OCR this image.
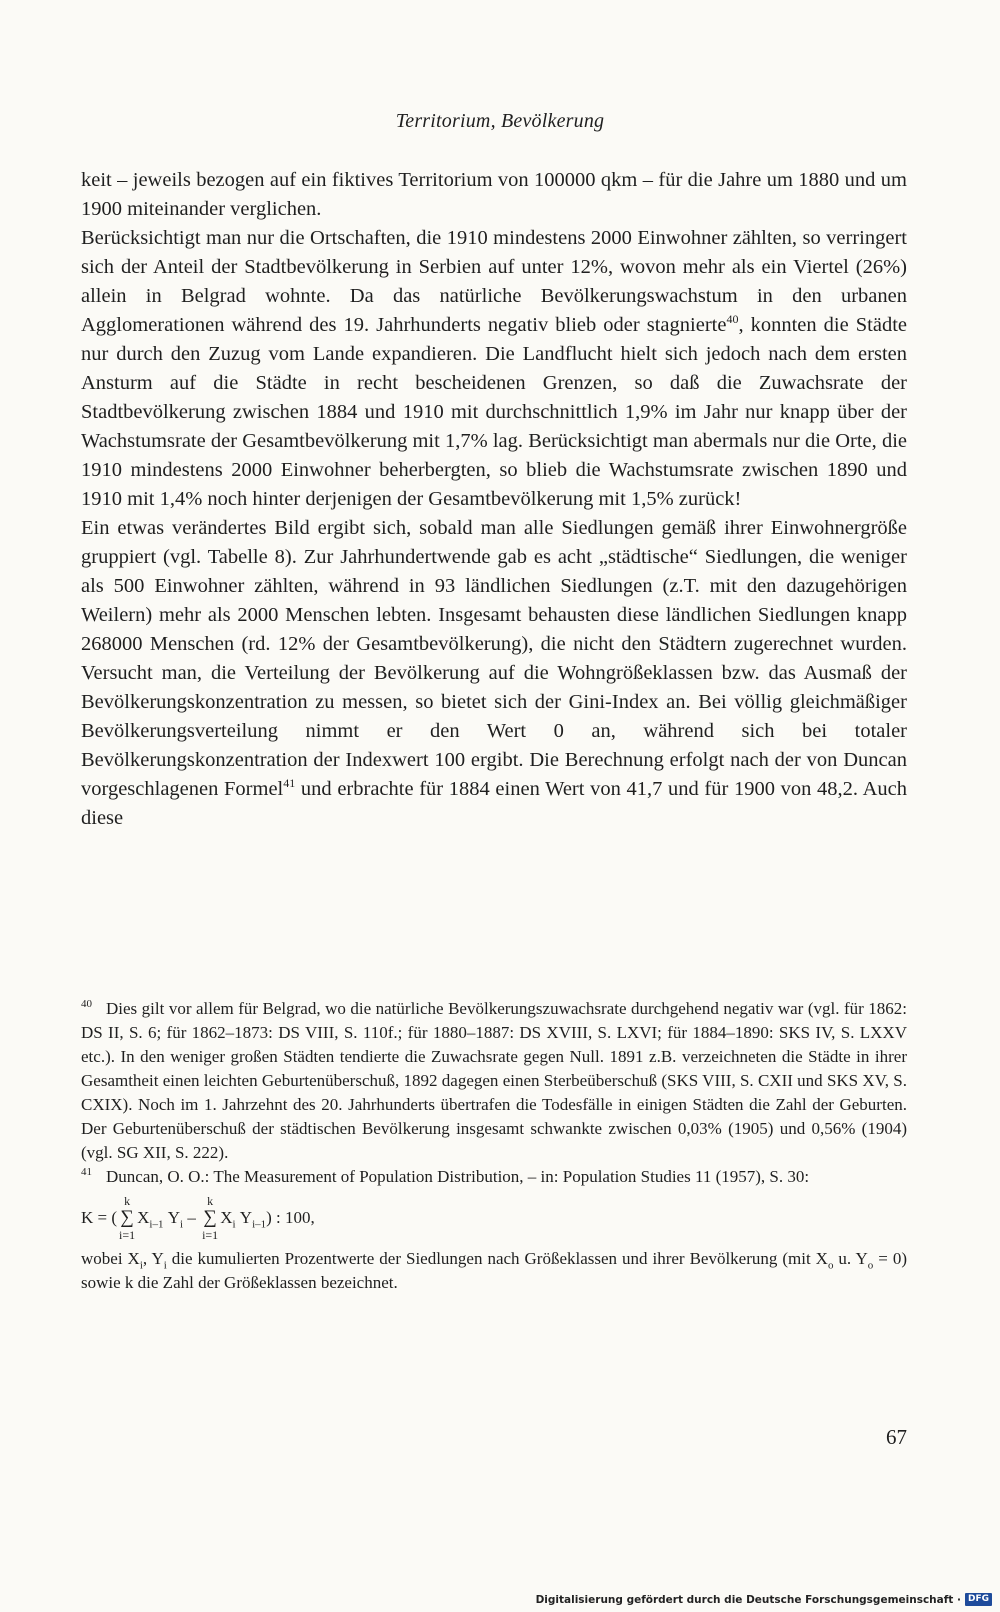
Territorium, Bevölkerung

keit – jeweils bezogen auf ein fiktives Territorium von 100000 qkm – für die Jahre um 1880 und um 1900 miteinander verglichen.

Berücksichtigt man nur die Ortschaften, die 1910 mindestens 2000 Einwohner zählten, so verringert sich der Anteil der Stadtbevölkerung in Serbien auf unter 12%, wovon mehr als ein Viertel (26%) allein in Belgrad wohnte. Da das natürliche Bevölkerungswachstum in den urbanen Agglomerationen während des 19. Jahrhunderts negativ blieb oder stagnierte$^{40}$, konnten die Städte nur durch den Zuzug vom Lande expandieren. Die Landflucht hielt sich jedoch nach dem ersten Ansturm auf die Städte in recht bescheidenen Grenzen, so daß die Zuwachsrate der Stadtbevölkerung zwischen 1884 und 1910 mit durchschnittlich 1,9% im Jahr nur knapp über der Wachstumsrate der Gesamtbevölkerung mit 1,7% lag. Berücksichtigt man abermals nur die Orte, die 1910 mindestens 2000 Einwohner beherbergten, so blieb die Wachstumsrate zwischen 1890 und 1910 mit 1,4% noch hinter derjenigen der Gesamtbevölkerung mit 1,5% zurück!

Ein etwas verändertes Bild ergibt sich, sobald man alle Siedlungen gemäß ihrer Einwohnergröße gruppiert (vgl. Tabelle 8). Zur Jahrhundertwende gab es acht „städtische“ Siedlungen, die weniger als 500 Einwohner zählten, während in 93 ländlichen Siedlungen (z.T. mit den dazugehörigen Weilern) mehr als 2000 Menschen lebten. Insgesamt behausten diese ländlichen Siedlungen knapp 268000 Menschen (rd. 12% der Gesamtbevölkerung), die nicht den Städtern zugerechnet wurden. Versucht man, die Verteilung der Bevölkerung auf die Wohngrößeklassen bzw. das Ausmaß der Bevölkerungskonzentration zu messen, so bietet sich der Gini-Index an. Bei völlig gleichmäßiger Bevölkerungsverteilung nimmt er den Wert 0 an, während sich bei totaler Bevölkerungskonzentration der Indexwert 100 ergibt. Die Berechnung erfolgt nach der von Duncan vorgeschlagenen Formel$^{41}$ und erbrachte für 1884 einen Wert von 41,7 und für 1900 von 48,2. Auch diese

$^{40}$ Dies gilt vor allem für Belgrad, wo die natürliche Bevölkerungszuwachsrate durchgehend negativ war (vgl. für 1862: DS II, S. 6; für 1862–1873: DS VIII, S. 110f.; für 1880–1887: DS XVIII, S. LXVI; für 1884–1890: SKS IV, S. LXXV etc.). In den weniger großen Städten tendierte die Zuwachsrate gegen Null. 1891 z.B. verzeichneten die Städte in ihrer Gesamtheit einen leichten Geburtenüberschuß, 1892 dagegen einen Sterbeüberschuß (SKS VIII, S. CXII und SKS XV, S. CXIX). Noch im 1. Jahrzehnt des 20. Jahrhunderts übertrafen die Todesfälle in einigen Städten die Zahl der Geburten. Der Geburtenüberschuß der städtischen Bevölkerung insgesamt schwankte zwischen 0,03% (1905) und 0,56% (1904) (vgl. SG XII, S. 222).

$^{41}$ Duncan, O. O.: The Measurement of Population Distribution, – in: Population Studies 11 (1957), S. 30:

K = (
k
∑
i=1
$X_{i-1}$ $Y_i$
–

k
∑
i=1
$X_i$ $Y_{i-1}$ ) : 100,

wobei $X_i$, $Y_i$ die kumulierten Prozentwerte der Siedlungen nach Größeklassen und ihrer Bevölkerung (mit $X_o$ u. $Y_o = 0$) sowie k die Zahl der Größeklassen bezeichnet.

67
Digitalisierung gefördert durch die Deutsche Forschungsgemeinschaft · DFG
